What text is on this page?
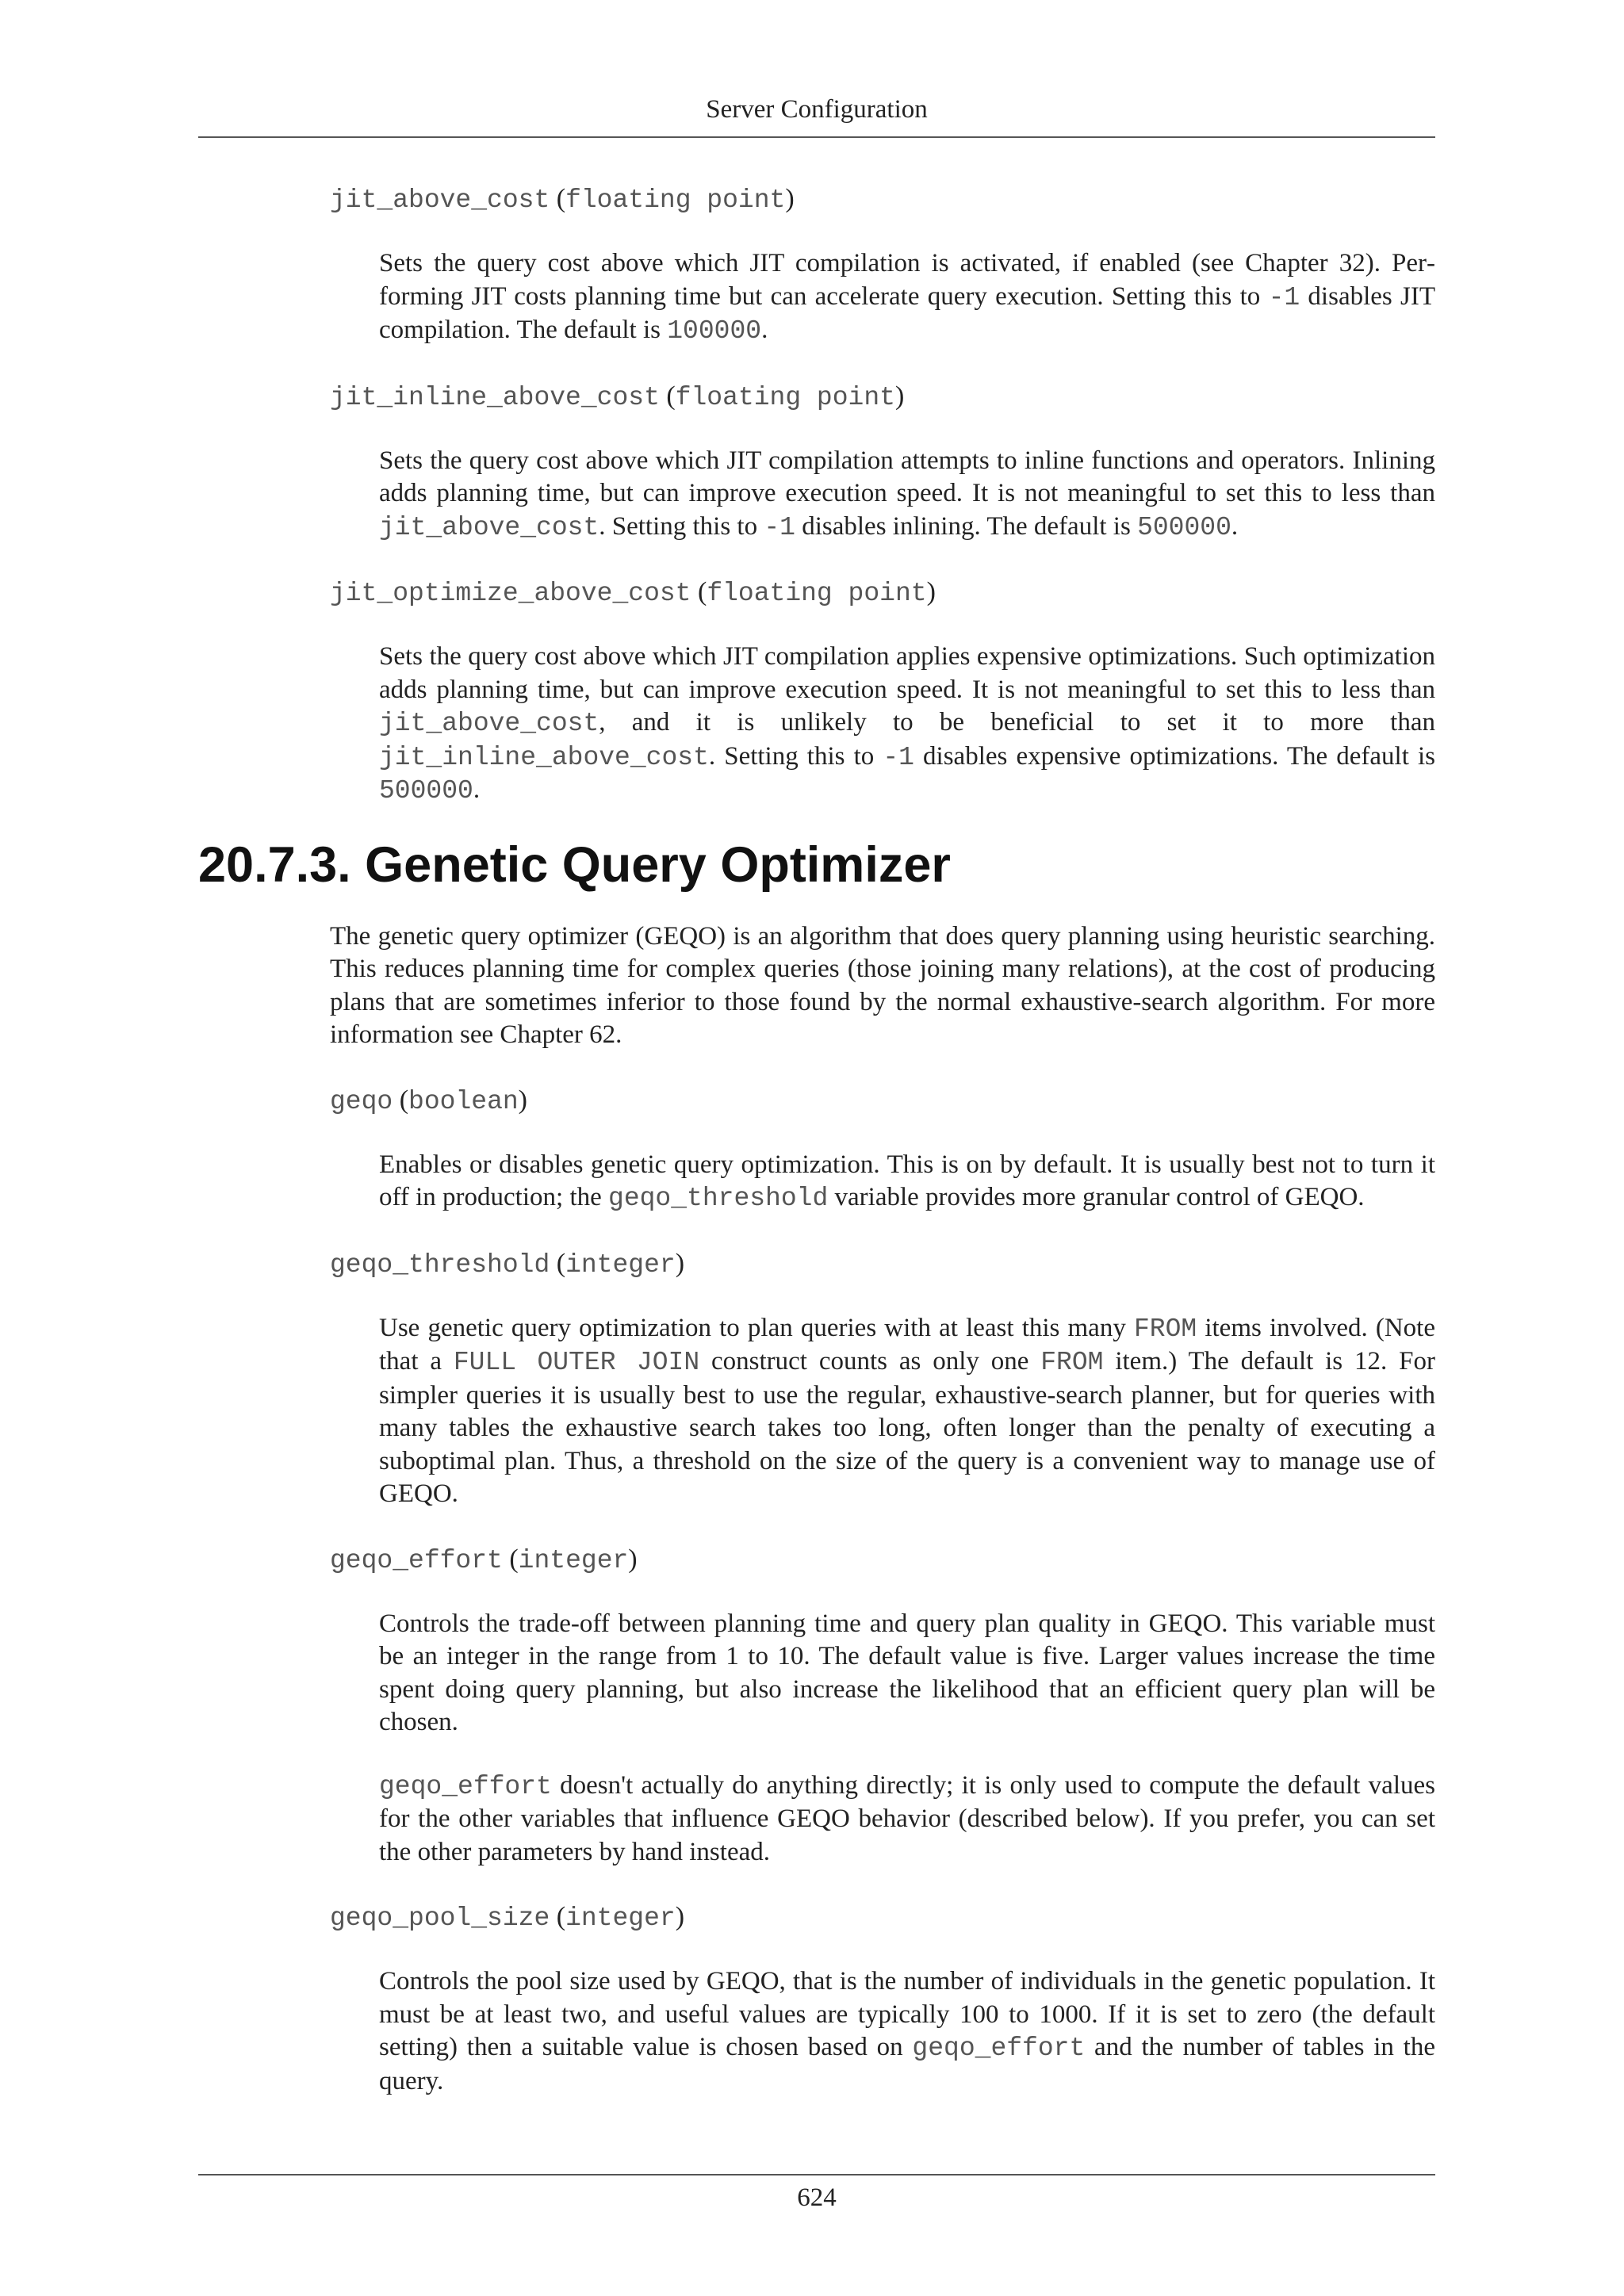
Server Configuration
jit_above_cost (floating point)

Sets the query cost above which JIT compilation is activated, if enabled (see Chapter 32). Performing JIT costs planning time but can accelerate query execution. Setting this to -1 disables JIT compilation. The default is 100000.

jit_inline_above_cost (floating point)

Sets the query cost above which JIT compilation attempts to inline functions and operators. Inlining adds planning time, but can improve execution speed. It is not meaningful to set this to less than jit_above_cost. Setting this to -1 disables inlining. The default is 500000.

jit_optimize_above_cost (floating point)

Sets the query cost above which JIT compilation applies expensive optimizations. Such optimization adds planning time, but can improve execution speed. It is not meaningful to set this to less than jit_above_cost, and it is unlikely to be beneficial to set it to more than jit_inline_above_cost. Setting this to -1 disables expensive optimizations. The default is 500000.

20.7.3. Genetic Query Optimizer

The genetic query optimizer (GEQO) is an algorithm that does query planning using heuristic searching. This reduces planning time for complex queries (those joining many relations), at the cost of producing plans that are sometimes inferior to those found by the normal exhaustive-search algorithm. For more information see Chapter 62.

geqo (boolean)

Enables or disables genetic query optimization. This is on by default. It is usually best not to turn it off in production; the geqo_threshold variable provides more granular control of GEQO.

geqo_threshold (integer)

Use genetic query optimization to plan queries with at least this many FROM items involved. (Note that a FULL OUTER JOIN construct counts as only one FROM item.) The default is 12. For simpler queries it is usually best to use the regular, exhaustive-search planner, but for queries with many tables the exhaustive search takes too long, often longer than the penalty of executing a suboptimal plan. Thus, a threshold on the size of the query is a convenient way to manage use of GEQO.

geqo_effort (integer)

Controls the trade-off between planning time and query plan quality in GEQO. This variable must be an integer in the range from 1 to 10. The default value is five. Larger values increase the time spent doing query planning, but also increase the likelihood that an efficient query plan will be chosen.

geqo_effort doesn't actually do anything directly; it is only used to compute the default values for the other variables that influence GEQO behavior (described below). If you prefer, you can set the other parameters by hand instead.

geqo_pool_size (integer)

Controls the pool size used by GEQO, that is the number of individuals in the genetic population. It must be at least two, and useful values are typically 100 to 1000. If it is set to zero (the default setting) then a suitable value is chosen based on geqo_effort and the number of tables in the query.

624
